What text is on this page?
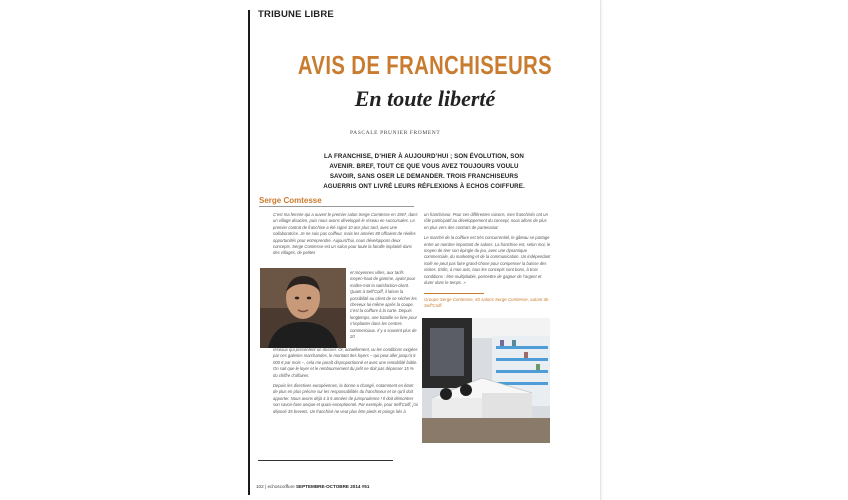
TRIBUNE LIBRE
AVIS DE FRANCHISEURS
En toute liberté
PASCALE PRUNIER FROMENT
LA FRANCHISE, D’HIER À AUJOURD’HUI ; SON ÉVOLUTION, SON AVENIR. BREF, TOUT CE QUE VOUS AVEZ TOUJOURS VOULU SAVOIR, SANS OSER LE DEMANDER. TROIS FRANCHISEURS AGUERRIS ONT LIVRÉ LEURS RÉFLEXIONS À ECHOS COIFFURE.
Serge Comtesse

C’est ma femme qui a ouvert le premier salon Serge Comtesse en 1967, dans un village alsacien, puis nous avons développé le réseau en succursales. Le premier contrat de franchise a été signé 10 ans plus tard, avec une collaboratrice. Je ne sais pas coiffeur, mais les années 80 offraient de réelles opportunités pour entreprendre. Aujourd’hui, nous développons deux concepts. Serge Comtesse est un salon pour toute la famille implanté dans des villages, de petites

et moyennes villes, aux tarifs moyen-haut de gamme, ayant pour maître-mot la satisfaction-client. Quant à Self'Coiff, il laisse la possibilité au client de se sécher les cheveux lui-même après la coupe, c’est la coiffure à la carte. Depuis longtemps, une bataille se livre pour s’implanter dans les centres commerciaux. Il y a souvent plus de 20

réseaux qui présentent un dossier. Or, actuellement, vu les conditions exigées par ces galeries marchandes, le montant des loyers – qui peut aller jusqu’à 6 000 € par mois –, cela me paraît disproportionné et avec une rentabilité faible. On sait que le loyer et le remboursement du prêt ne doit pas dépasser 15 % du chiffre d’affaires.

Depuis les directives européennes, la donne a changé, notamment en étant de plus en plus précise sur les responsabilités du franchiseur et ce qu’il doit apporter. Nous avons déjà 4 à 5 années de jurisprudence ! Il doit démontrer son savoir-faire unique et quasi-exceptionnel. Par exemple, pour Self'Coiff, j’ai déposé 35 brevets. Un franchisé ne veut plus être pieds et poings liés à

un franchiseur. Pour ces différentes raisons, mes franchisés ont un rôle participatif au développement du concept, nous allons de plus en plus vers des contrats de partenariat.

Le marché de la coiffure est très concurrentiel, le gâteau se partage entre un nombre important de salons. La franchise est, selon moi, le moyen de tirer son épingle du jeu, avec une dynamique commerciale, du marketing et de la communication. Un indépendant isolé ne peut pas faire grand-chose pour compenser la baisse des visites. Enfin, à mon avis, tous les concepts sont bons, à trois conditions : être multipliable, permettre de gagner de l’argent et durer dans le temps. »

Groupe Serge Comtesse, 40 salons Serge Comtesse, autant de Self'Coiff.
102 | echoscoiffure SEPTEMBRE-OCTOBRE 2014 #51
